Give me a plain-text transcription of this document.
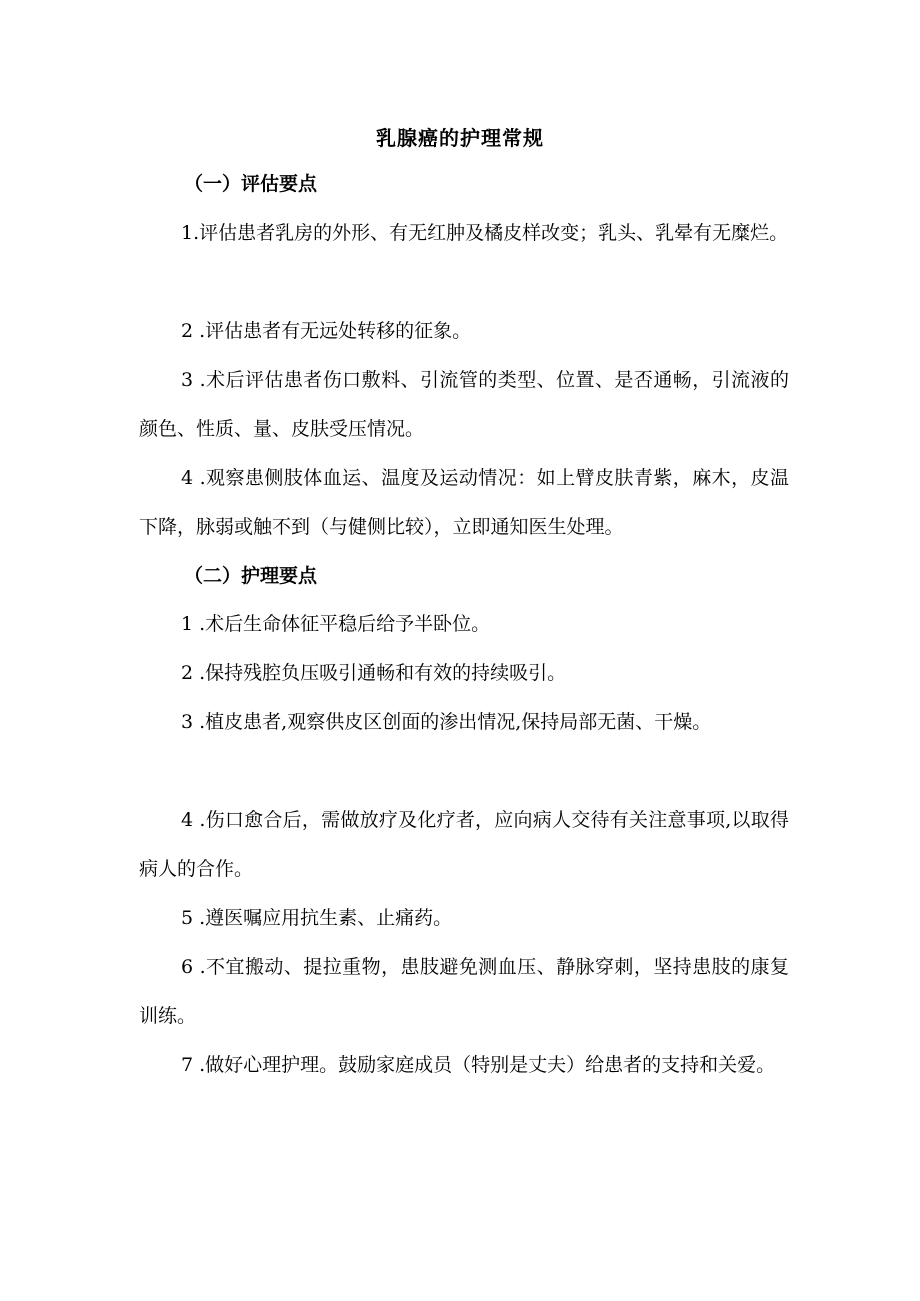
乳腺癌的护理常规
（一）评估要点
1.评估患者乳房的外形、有无红肿及橘皮样改变；乳头、乳晕有无糜烂。
2 .评估患者有无远处转移的征象。
3 .术后评估患者伤口敷料、引流管的类型、位置、是否通畅，引流液的颜色、性质、量、皮肤受压情况。
4 .观察患侧肢体血运、温度及运动情况：如上臂皮肤青紫，麻木，皮温下降，脉弱或触不到（与健侧比较），立即通知医生处理。
（二）护理要点
1 .术后生命体征平稳后给予半卧位。
2 .保持残腔负压吸引通畅和有效的持续吸引。
3 .植皮患者,观察供皮区创面的渗出情况,保持局部无菌、干燥。
4 .伤口愈合后，需做放疗及化疗者，应向病人交待有关注意事项,以取得病人的合作。
5 .遵医嘱应用抗生素、止痛药。
6 .不宜搬动、提拉重物，患肢避免测血压、静脉穿刺，坚持患肢的康复训练。
7 .做好心理护理。鼓励家庭成员（特别是丈夫）给患者的支持和关爱。
